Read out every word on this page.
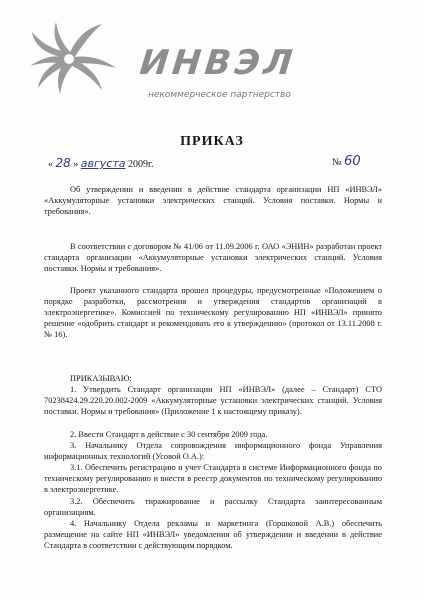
ИНВЭЛ
некоммерческое партнерство
ПРИКАЗ
« 28 » августа 2009г.	№ 60
Об утверждении и введении в действие стандарта организации НП «ИНВЭЛ» «Аккумуляторные установки электрических станций. Условия поставки. Нормы и требования».
В соответствии с договором № 41/06 от 11.09.2006 г. ОАО «ЭНИН» разработан проект стандарта организации «Аккумуляторные установки электрических станций. Условия поставки. Нормы и требования».
Проект указанного стандарта прошел процедуры, предусмотренные «Положением о порядке разработки, рассмотрения и утверждения стандартов организаций в электроэнергетике». Комиссией по техническому регулированию НП «ИНВЭЛ» принято решение «одобрить стандарт и рекомендовать его к утверждению» (протокол от 13.11.2008 г. № 16).
ПРИКАЗЫВАЮ:
1. Утвердить Стандарт организации НП «ИНВЭЛ» (далее – Стандарт) СТО 70238424.29.220.20.002-2009 «Аккумуляторные установки электрических станций. Условия поставки. Нормы и требования» (Приложение 1 к настоящему приказу).
2. Ввести Стандарт в действие с 30 сентября 2009 года.
3. Начальнику Отдела сопровождения информационного фонда Управления информационных технологий (Усовой О.А.):
3.1. Обеспечить регистрацию и учет Стандарта в системе Информационного фонда по техническому регулированию и внести в реестр документов по техническому регулированию в электроэнергетике.
3.2. Обеспечить тиражирование и рассылку Стандарта заинтересованным организациям.
4. Начальнику Отдела рекламы и маркетинга (Горшковой А.В.) обеспечить размещение на сайте НП «ИНВЭЛ» уведомления об утверждении и введении в действие Стандарта в соответствии с действующим порядком.
